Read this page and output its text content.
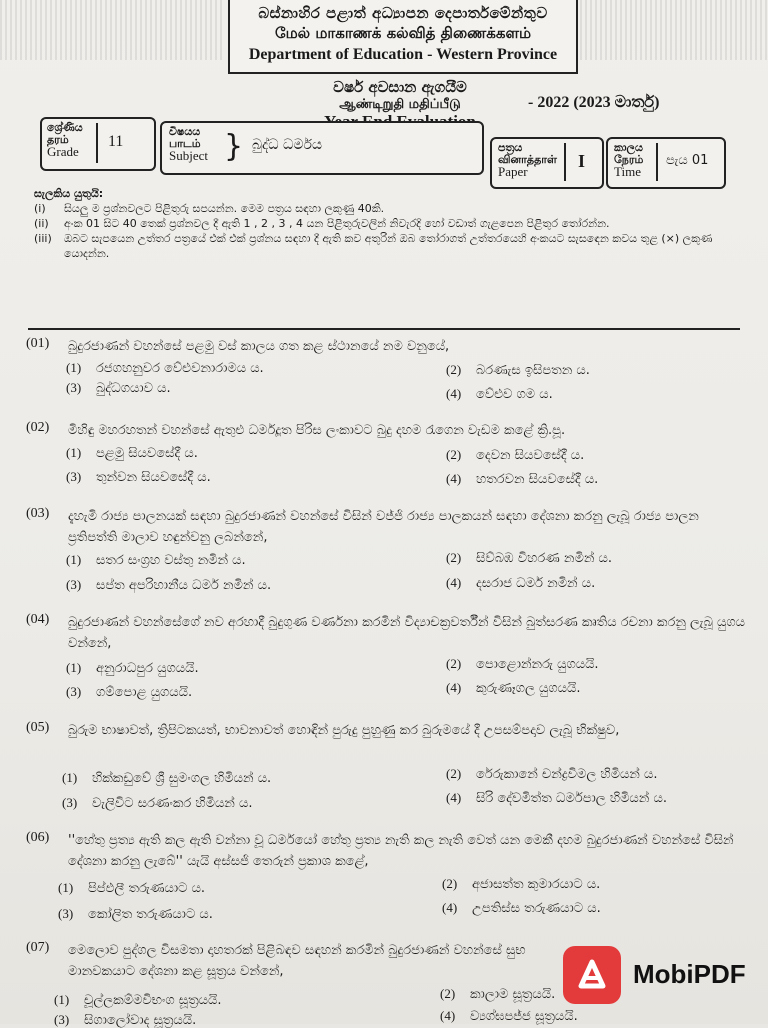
බස්නාහිර පළාත් අධ්‍යාපන දෙපාර්තමේන්තුව
மேல் மாகாணக் கல்வித் திணைக்களம்
Department of Education - Western Province
වර්ෂ අවසාන ඇගයීම
ஆண்டிறுதி மதிப்பீடு	- 2022 (2023 මාර්තු)
ශ්‍රේණිය
தரம்
Grade
11
විෂයය
பாடம்
Subject } බුද්ධ ධර්මය	පත්‍රය
வினாத்தாள்
Paper
I
කාලය
நேரம்
Time
පැය 01
සැලකිය යුතුයි:
(i)	සියලු ම ප්‍රශ්නවලට පිළිතුරු සපයන්න. මෙම පත්‍රය සඳහා ලකුණු 40කි.
(ii)	අංක 01 සිට 40 තෙක් ප්‍රශ්නවල දී ඇති 1 , 2 , 3 , 4 යන පිළිතුරුවලින් නිවැරදි හෝ වඩාත් ගැළපෙන පිළිතුර තෝරන්න.
(iii)	ඔබට සැපයෙන උත්තර පත්‍රයේ එක් එක් ප්‍රශ්නය සඳහා දී ඇති කව අතුරින් ඔබ තෝරාගත් උත්තරයෙහි අංකයට සැසඳෙන කවය තුළ (×) ලකුණ යොදන්න.
(01) බුදුරජාණන් වහන්සේ පළමු වස් කාලය ගත කළ ස්ථානයේ නම වනුයේ,
(1) රජගහනුවර වේළුවනාරාමය ය.	(2) බරණැස ඉසිපතන ය.
(3) බුද්ධගයාව ය.	(4) වේළුව ගම ය.
(02) මිහිඳු මහරහතන් වහන්සේ ඇතුළු ධර්මදූත පිරිස ලංකාවට බුදු දහම රැගෙන වැඩම කළේ ක්‍රි.පූ.
(1) පළමු සියවසේදී ය.	(2) දෙවන සියවසේදී ය.
(3) තුන්වන සියවසේදී ය.	(4) හතරවන සියවසේදී ය.
(03) දැහැමි රාජ්‍ය පාලනයක් සඳහා බුදුරජාණන් වහන්සේ විසින් වජ්ජි රාජ්‍ය පාලකයන් සඳහා දේශනා කරනු ලැබූ රාජ්‍ය පාලන ප්‍රතිපත්ති මාලාව හඳුන්වනු ලබන්නේ,
(1) සතර සංග්‍රහ වස්තු නමින් ය.	(2) සිව්බඹ විහරණ නමින් ය.
(3) සප්ත අපරිහානීය ධර්ම නමින් ය.	(4) දසරාජ ධර්ම නමින් ය.
(04) බුදුරජාණන් වහන්සේගේ නව අරහාදී බුදුගුණ වර්ණනා කරමින් විද්‍යාචක්‍රවර්තීන් විසින් බුත්සරණ කෘතිය රචනා කරනු ලැබූ යුගය වන්නේ,
(1) අනුරාධපුර යුගයයි.	(2) පොළොන්නරු යුගයයි.
(3) ගම්පොළ යුගයයි.	(4) කුරුණෑගල යුගයයි.
(05) බුරුම භාෂාවත්, ත්‍රිපිටකයත්, භාවනාවත් හොඳින් පුරුදු පුහුණු කර බුරුමයේ දී උපසම්පදාව ලැබූ භික්ෂුව,
(1) හික්කඩුවේ ශ්‍රී සුමංගල හිමියන් ය.	(2) රේරුකානේ චන්ද්‍රවිමල හිමියන් ය.
(3) වැලිවිට සරණංකර හිමියන් ය.	(4) සිරි දේවමිත්ත ධර්මපාල හිමියන් ය.
(06) ''හේතු ප්‍රත්‍ය ඇති කල ඇති වන්නා වූ ධර්මයෝ හේතු ප්‍රත්‍ය නැති කල නැති වෙත් යන මෙකී දහම බුදුරජාණන් වහන්සේ විසින් දේශනා කරනු ලැබේ'' යැයි අස්සජි තෙරුන් ප්‍රකාශ කළේ,
(1) පිප්ඵලී තරුණයාට ය.	(2) අජාසත්ත කුමාරයාට ය.
(3) කෝලිත තරුණයාට ය.	(4) උපතිස්ස තරුණයාට ය.
(07) මෙලොව පුද්ගල විසමතා දාහතරක් පිළිබඳව සඳහන් කරමින් බුදුරජාණන් වහන්සේ සුභ මානවකයාට දේශනා කළ සූත්‍රය වන්නේ,
(1) චූල්ලකම්මවිභංග සූත්‍රයයි.	(2) කාලාම සූත්‍රයයි.
(3) සිගාලෝවාද සූත්‍රයයි.	(4) ව්‍යග්ඝපජ්ජ සූත්‍රයයි.
MobiPDF
